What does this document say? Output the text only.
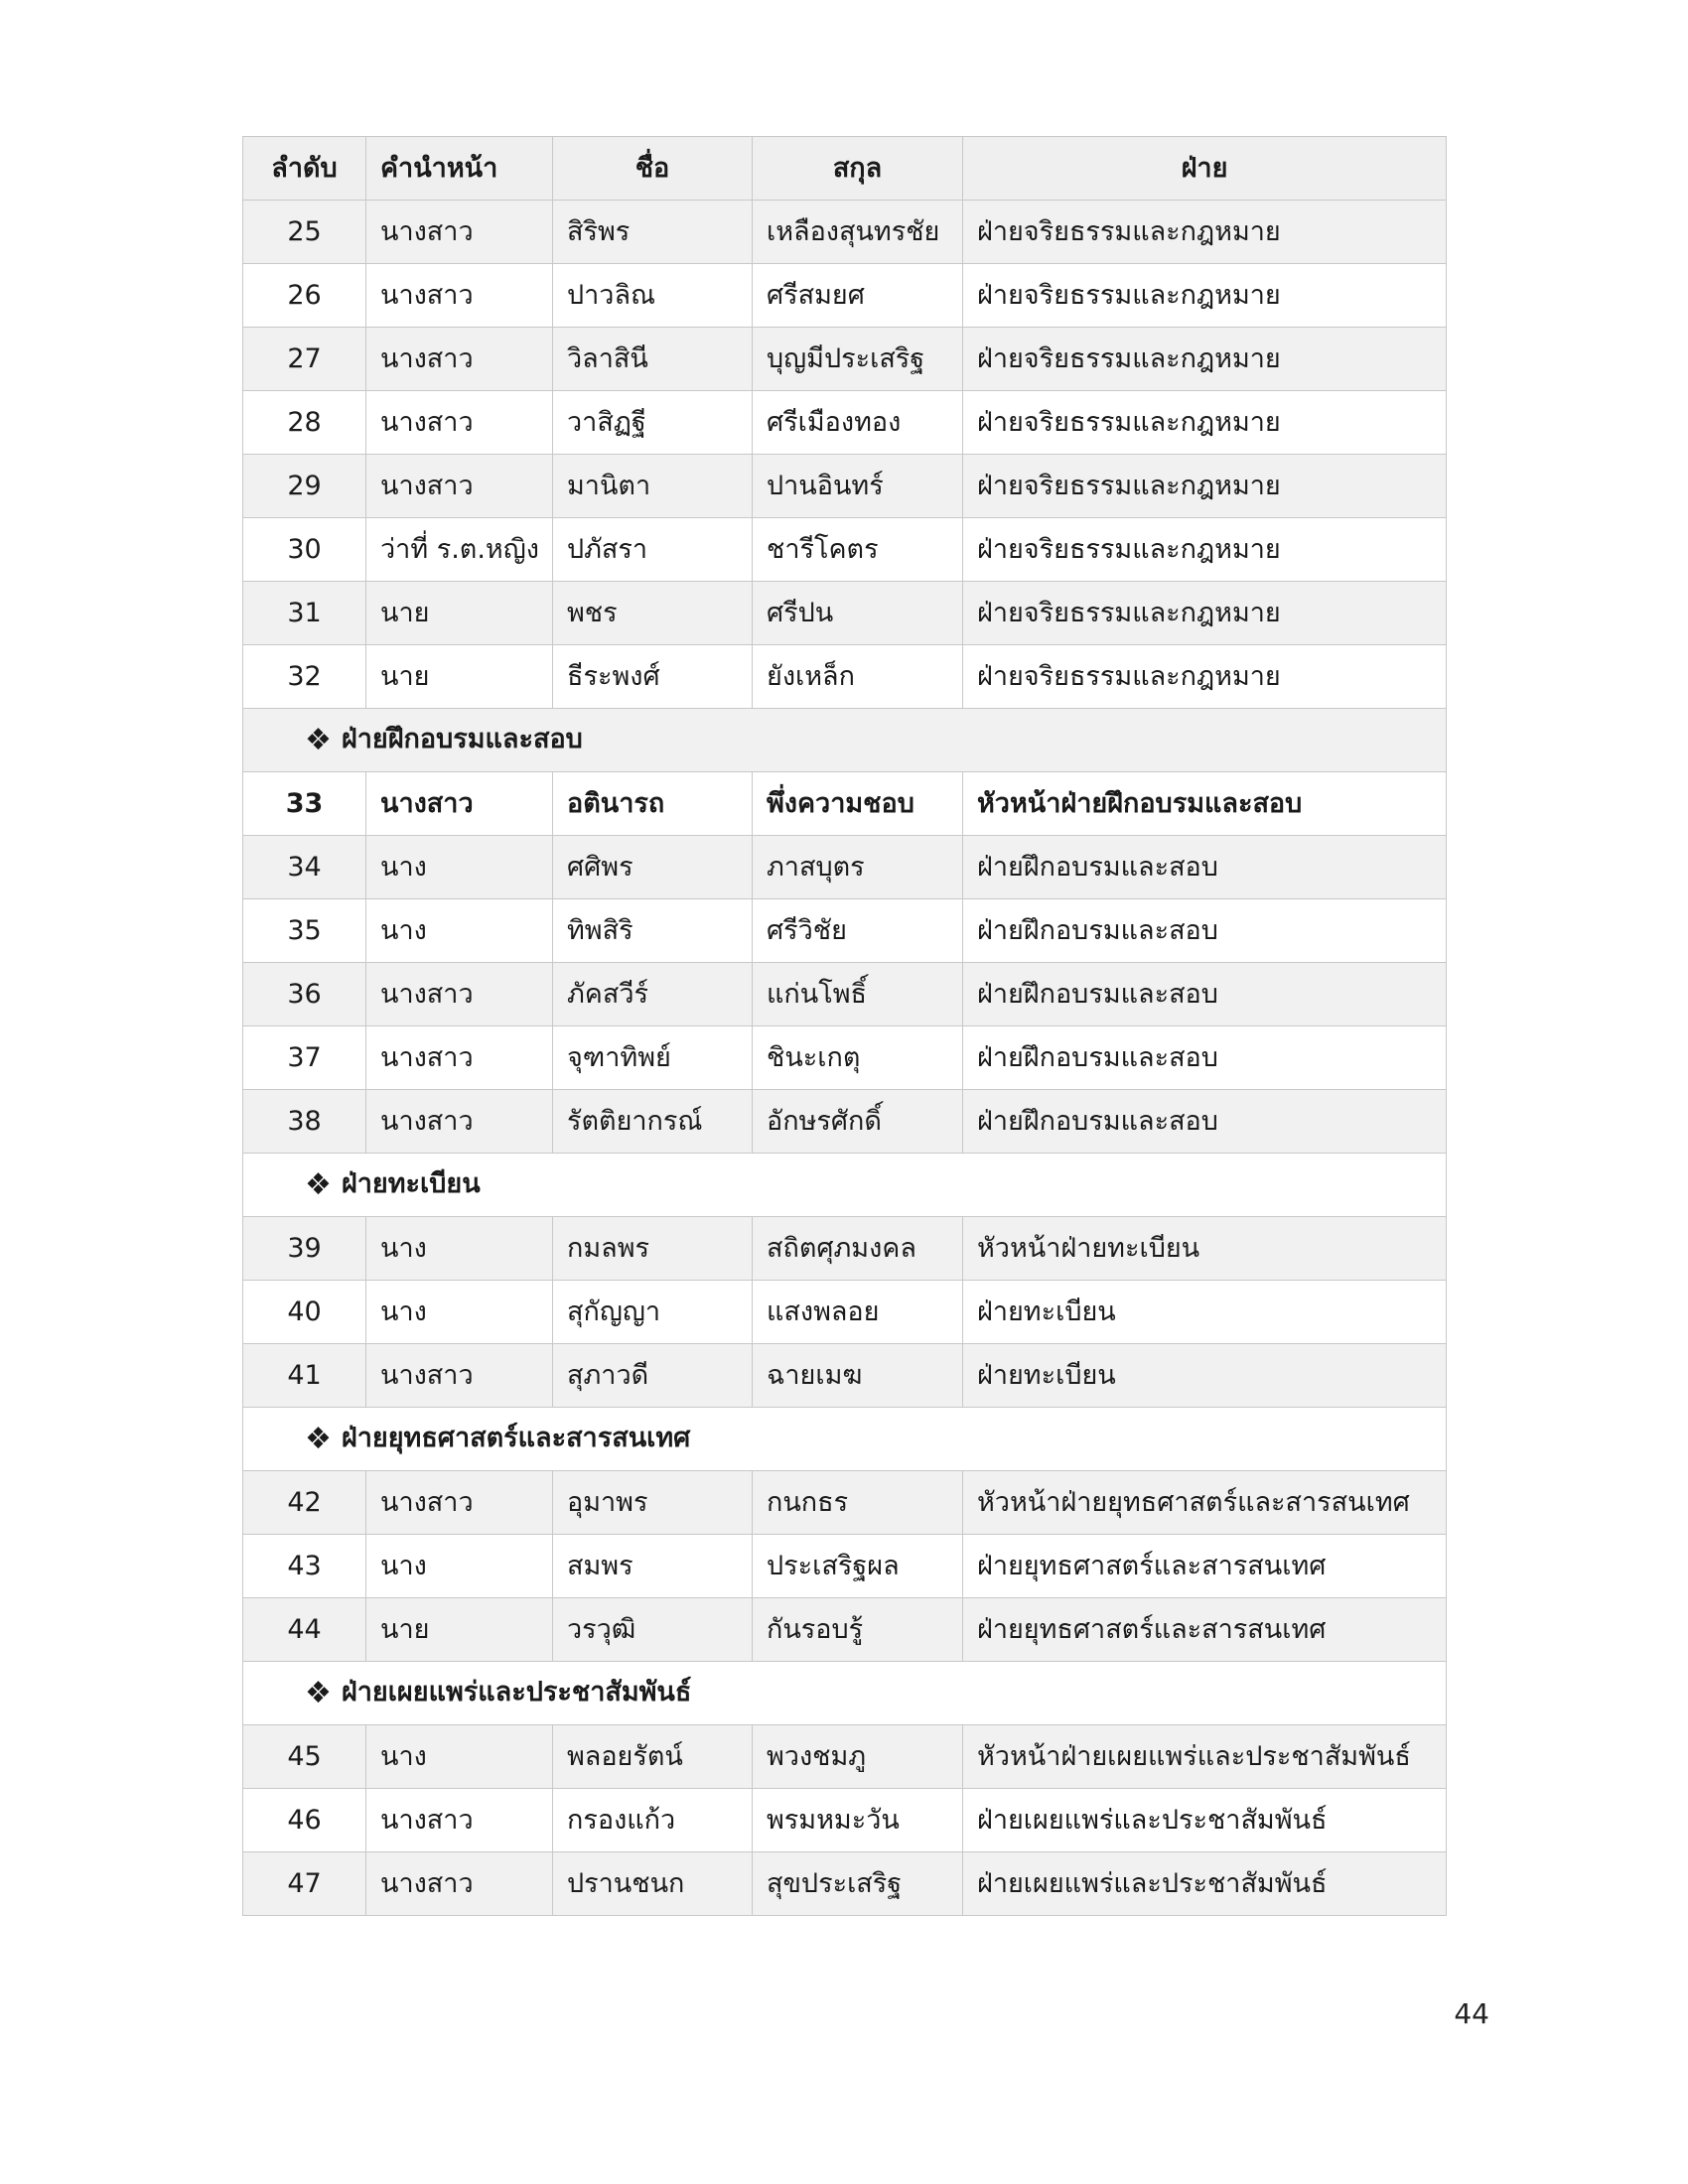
ลำดับ	คำนำหน้า	ชื่อ	สกุล	ฝ่าย
25	นางสาว	สิริพร	เหลืองสุนทรชัย	ฝ่ายจริยธรรมและกฎหมาย
26	นางสาว	ปาวลิณ	ศรีสมยศ	ฝ่ายจริยธรรมและกฎหมาย
27	นางสาว	วิลาสินี	บุญมีประเสริฐ	ฝ่ายจริยธรรมและกฎหมาย
28	นางสาว	วาสิฏฐี	ศรีเมืองทอง	ฝ่ายจริยธรรมและกฎหมาย
29	นางสาว	มานิตา	ปานอินทร์	ฝ่ายจริยธรรมและกฎหมาย
30	ว่าที่ ร.ต.หญิง	ปภัสรา	ชารีโคตร	ฝ่ายจริยธรรมและกฎหมาย
31	นาย	พชร	ศรีปน	ฝ่ายจริยธรรมและกฎหมาย
32	นาย	ธีระพงศ์	ยังเหล็ก	ฝ่ายจริยธรรมและกฎหมาย
❖ ฝ่ายฝึกอบรมและสอบ				
33	นางสาว	อตินารถ	พึ่งความชอบ	หัวหน้าฝ่ายฝึกอบรมและสอบ
34	นาง	ศศิพร	ภาสบุตร	ฝ่ายฝึกอบรมและสอบ
35	นาง	ทิพสิริ	ศรีวิชัย	ฝ่ายฝึกอบรมและสอบ
36	นางสาว	ภัคสวีร์	แก่นโพธิ์	ฝ่ายฝึกอบรมและสอบ
37	นางสาว	จุฑาทิพย์	ชินะเกตุ	ฝ่ายฝึกอบรมและสอบ
38	นางสาว	รัตติยากรณ์	อักษรศักดิ์	ฝ่ายฝึกอบรมและสอบ
❖ ฝ่ายทะเบียน				
39	นาง	กมลพร	สถิตศุภมงคล	หัวหน้าฝ่ายทะเบียน
40	นาง	สุกัญญา	แสงพลอย	ฝ่ายทะเบียน
41	นางสาว	สุภาวดี	ฉายเมฆ	ฝ่ายทะเบียน
❖ ฝ่ายยุทธศาสตร์และสารสนเทศ				
42	นางสาว	อุมาพร	กนกธร	หัวหน้าฝ่ายยุทธศาสตร์และสารสนเทศ
43	นาง	สมพร	ประเสริฐผล	ฝ่ายยุทธศาสตร์และสารสนเทศ
44	นาย	วรวุฒิ	กันรอบรู้	ฝ่ายยุทธศาสตร์และสารสนเทศ
❖ ฝ่ายเผยแพร่และประชาสัมพันธ์				
45	นาง	พลอยรัตน์	พวงชมภู	หัวหน้าฝ่ายเผยแพร่และประชาสัมพันธ์
46	นางสาว	กรองแก้ว	พรมหมะวัน	ฝ่ายเผยแพร่และประชาสัมพันธ์
47	นางสาว	ปรานชนก	สุขประเสริฐ	ฝ่ายเผยแพร่และประชาสัมพันธ์
44
